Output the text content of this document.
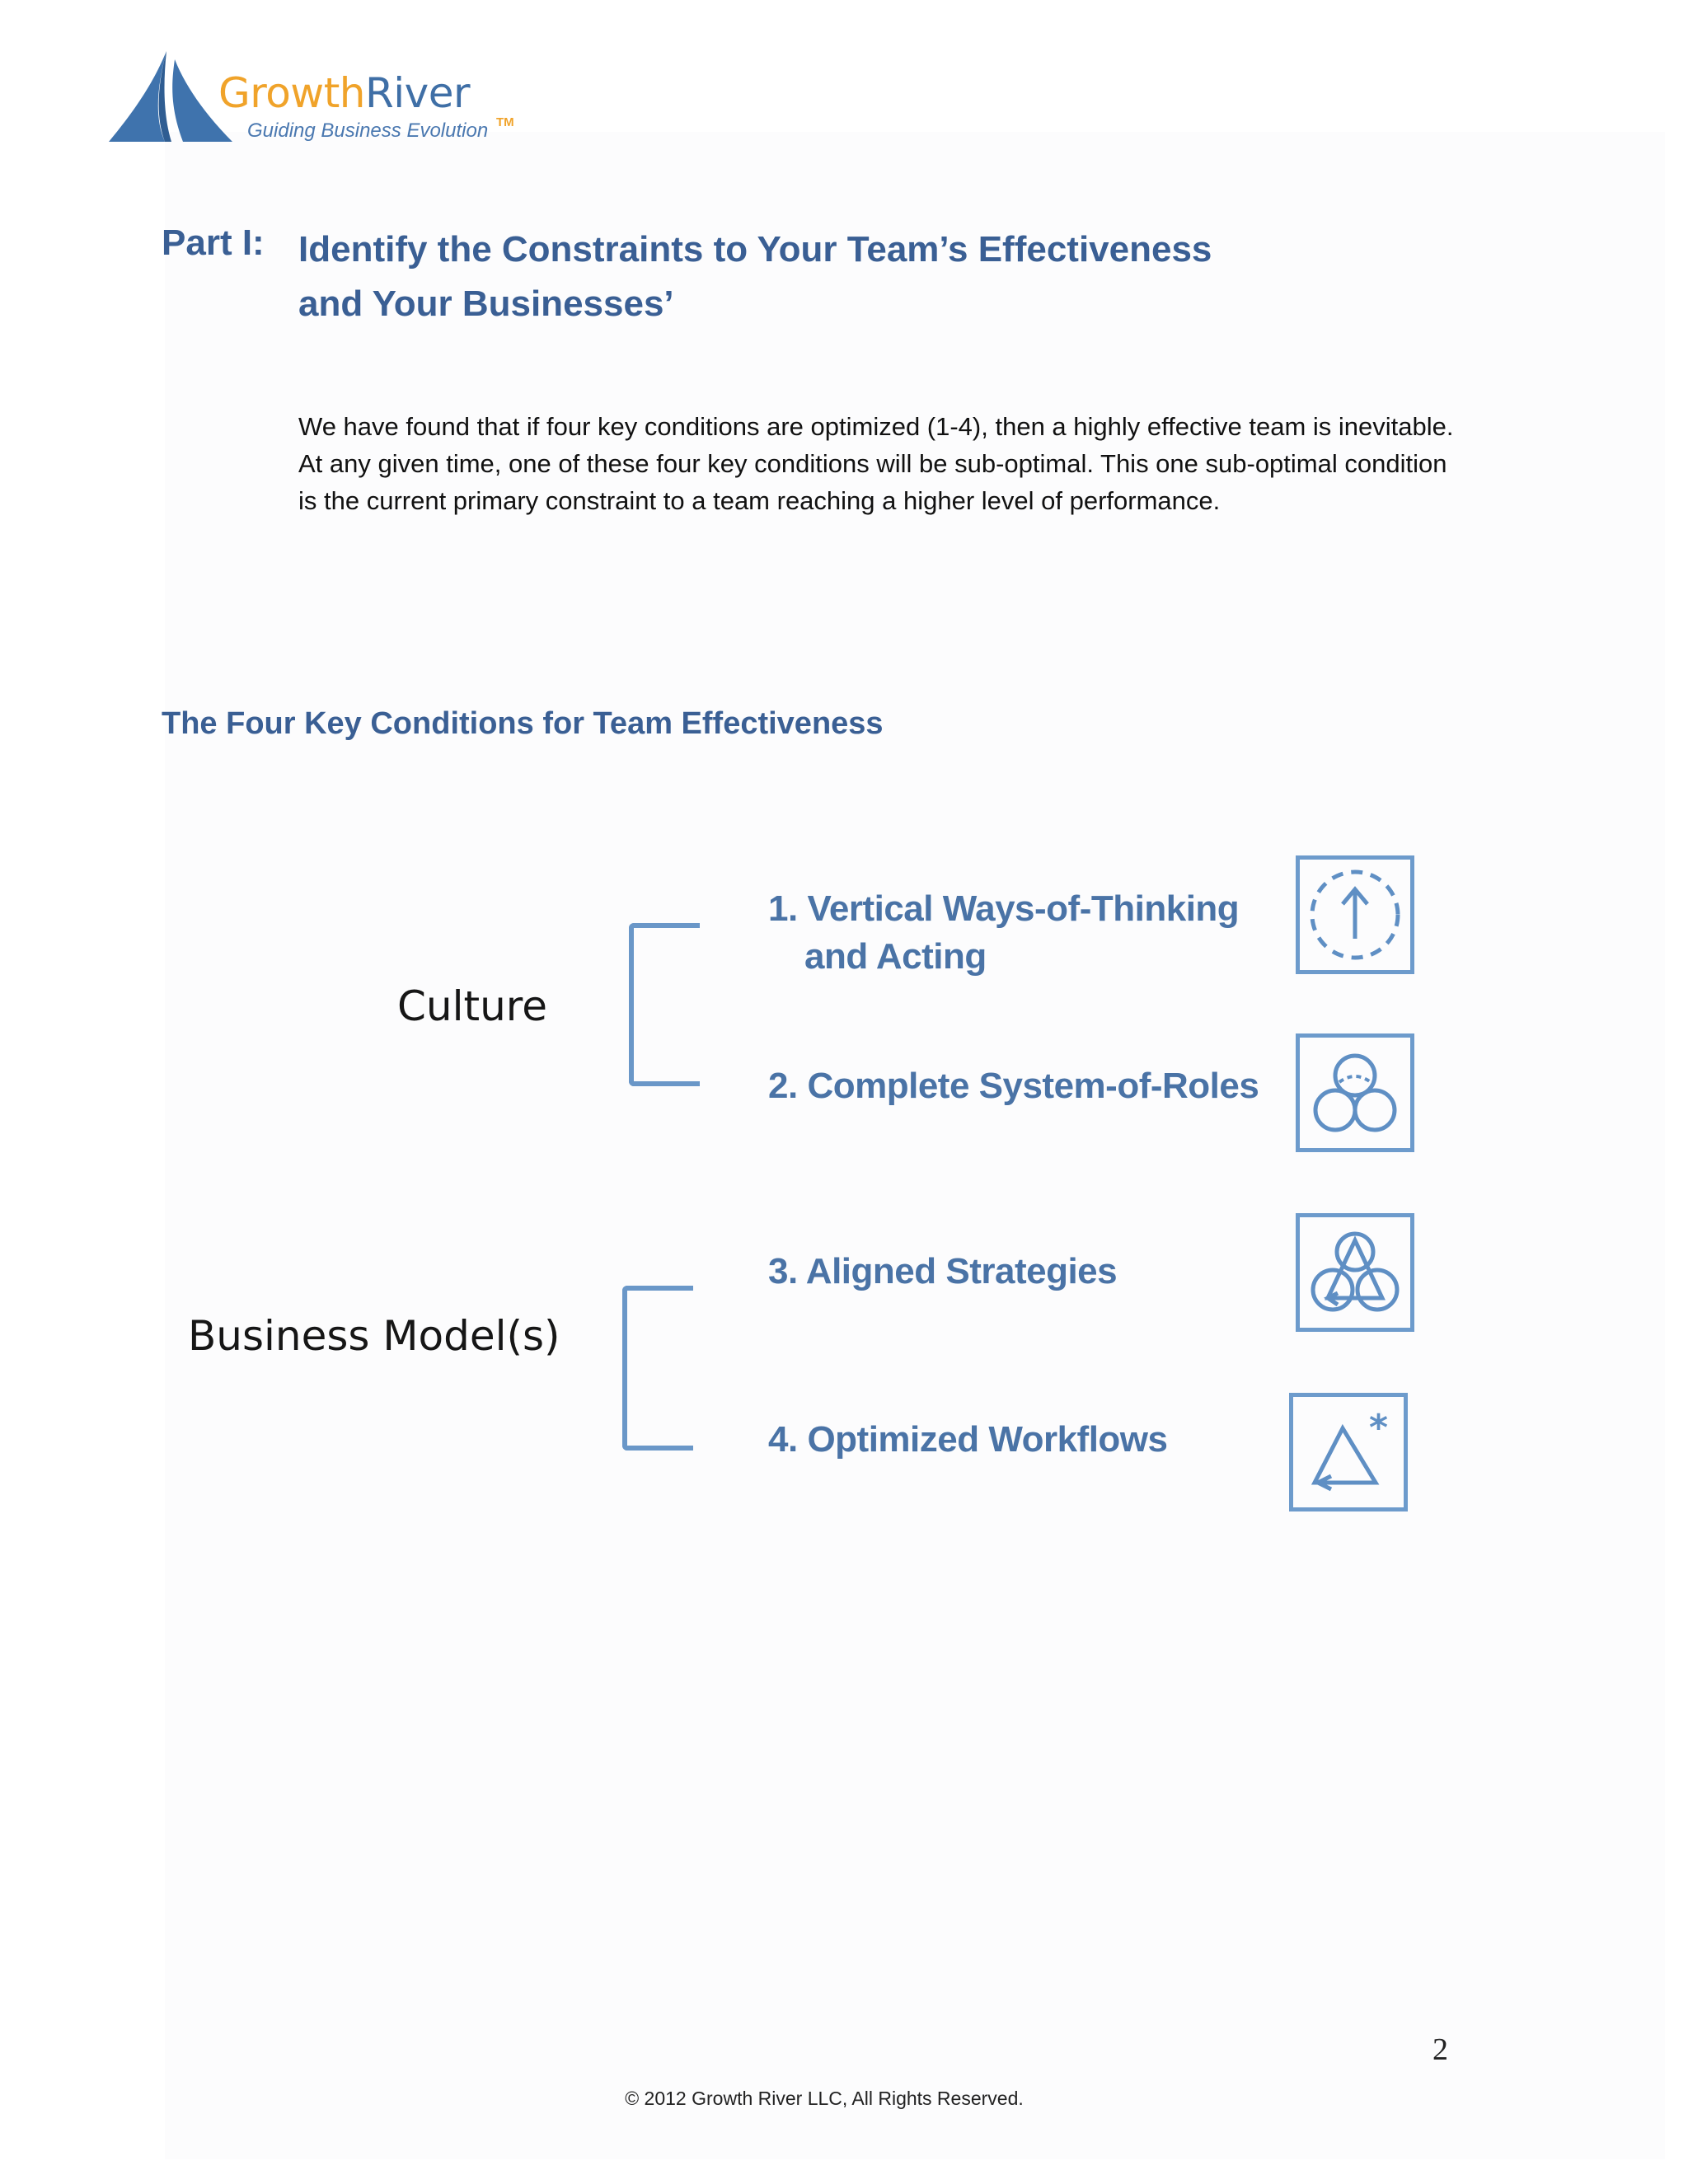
GrowthRiver
Guiding Business Evolution TM
Part I: Identify the Constraints to Your Team’s Effectiveness
and Your Businesses’
We have found that if four key conditions are optimized (1-4), then a highly effective team is inevitable. At any given time, one of these four key conditions will be sub-optimal. This one sub-optimal condition is the current primary constraint to a team reaching a higher level of performance.
The Four Key Conditions for Team Effectiveness
Culture
Business Model(s)
1. Vertical Ways-of-Thinking
and Acting
2. Complete System-of-Roles
3. Aligned Strategies
4. Optimized Workflows	*
2
© 2012 Growth River LLC, All Rights Reserved.
